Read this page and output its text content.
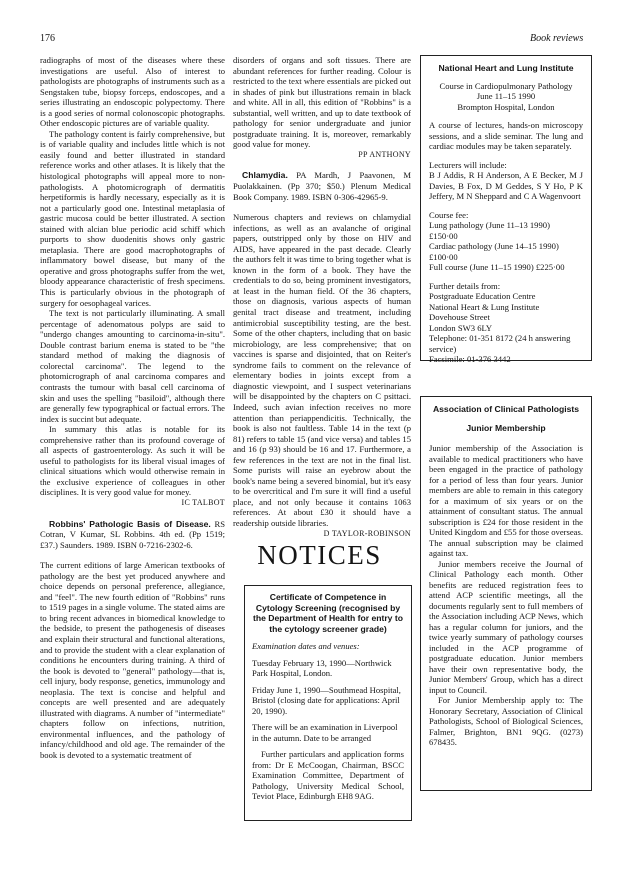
176	Book reviews

radiographs of most of the diseases where these investigations are useful. Also of interest to pathologists are photographs of instruments such as a Sengstaken tube, biopsy forceps, endoscopes, and a series illustrating an endoscopic polypectomy. There is a good series of normal colonoscopic photographs. Other endoscopic pictures are of variable quality.

The pathology content is fairly comprehensive, but is of variable quality and includes little which is not easily found and better illustrated in standard reference works and other atlases. It is likely that the histological photographs will appeal more to non-pathologists. A photomicrograph of dermatitis herpetiformis is hardly necessary, especially as it is not a particularly good one. Intestinal metaplasia of gastric mucosa could be better illustrated. A section stained with alcian blue periodic acid schiff which purports to show duodenitis shows only gastric metaplasia. There are good macrophotographs of inflammatory bowel disease, but many of the operative and gross photographs suffer from the wet, bloody appearance characteristic of fresh specimens. This is particularly obvious in the photograph of surgery for oesophageal varices.

The text is not particularly illuminating. A small percentage of adenomatous polyps are said to "undergo changes amounting to carcinoma-in-situ". Double contrast barium enema is stated to be "the standard method of making the diagnosis of colorectal carcinoma". The legend to the photomicrograph of anal carcinoma compares and contrasts the tumour with basal cell carcinoma of skin and uses the spelling "basiloid", although there are generally few typographical or factual errors. The index is succint but adequate.

In summary this atlas is notable for its comprehensive rather than its profound coverage of all aspects of gastroenterology. As such it will be useful to pathologists for its liberal visual images of clinical situations which would otherwise remain in the exclusive experience of colleagues in other disciplines. It is very good value for money.

IC TALBOT

Robbins' Pathologic Basis of Disease. RS Cotran, V Kumar, SL Robbins. 4th ed. (Pp 1519; £37.) Saunders. 1989. ISBN 0-7216-2302-6.

The current editions of large American textbooks of pathology are the best yet produced anywhere and choice depends on personal preference, allegiance, and "feel". The new fourth edition of "Robbins" runs to 1519 pages in a single volume. The stated aims are to bring recent advances in biomedical knowledge to the bedside, to present the pathogenesis of diseases and explain their structural and functional alterations, and to provide the student with a clear explanation of conditions he encounters during training. A third of the book is devoted to "general" pathology—that is, cell injury, body response, genetics, immunology and neoplasia. The text is concise and helpful and concepts are well presented and are adequately illustrated with diagrams. A number of "intermediate" chapters follow on infections, nutrition, environmental influences, and the pathology of infancy/childhood and old age. The remainder of the book is devoted to a systematic treatment of

disorders of organs and soft tissues. There are abundant references for further reading. Colour is restricted to the text where essentials are picked out in shades of pink but illustrations remain in black and white. All in all, this edition of "Robbins" is a substantial, well written, and up to date textbook of pathology for senior undergraduate and junior postgraduate training. It is, moreover, remarkably good value for money.

PP ANTHONY

Chlamydia. PA Mardh, J Paavonen, M Puolakkainen. (Pp 370; $50.) Plenum Medical Book Company. 1989. ISBN 0-306-42965-9.

Numerous chapters and reviews on chlamydial infections, as well as an avalanche of original papers, outstripped only by those on HIV and AIDS, have appeared in the past decade. Clearly the authors felt it was time to bring together what is known in the form of a book. They have the credentials to do so, being prominent investigators, at least in the human field. Of the 36 chapters, those on diagnosis, various aspects of human genital tract disease and treatment, including antimicrobial susceptibility testing, are the best. Some of the other chapters, including that on basic microbiology, are less comprehensive; that on vaccines is sparse and disjointed, that on Reiter's syndrome fails to comment on the relevance of elementary bodies in joints except from a diagnostic viewpoint, and I suspect veterinarians will be disappointed by the chapters on C psittaci. Indeed, such avian infection receives no more attention than periappendicitis. Technically, the book is also not faultless. Table 14 in the text (p 81) refers to table 15 (and vice versa) and tables 15 and 16 (p 93) should be 16 and 17. Furthermore, a few references in the text are not in the final list. Some purists will raise an eyebrow about the book's name being a severed binomial, but it's easy to be overcritical and I'm sure it will find a useful place, and not only because it contains 1063 references. At about £30 it should have a readership outside libraries.

D TAYLOR-ROBINSON

NOTICES

Certificate of Competence in Cytology Screening (recognised by the Department of Health for entry to the cytology screener grade)

Examination dates and venues:

Tuesday February 13, 1990—Northwick Park Hospital, London.

Friday June 1, 1990—Southmead Hospital, Bristol (closing date for applications: April 20, 1990).

There will be an examination in Liverpool in the autumn. Date to be arranged

Further particulars and application forms from: Dr E McCoogan, Chairman, BSCC Examination Committee, Department of Pathology, University Medical School, Teviot Place, Edinburgh EH8 9AG.

National Heart and Lung Institute

Course in Cardiopulmonary Pathology

June 11–15 1990

Brompton Hospital, London

A course of lectures, hands-on microscopy sessions, and a slide seminar. The lung and cardiac modules may be taken separately.

Lecturers will include:

B J Addis, R H Anderson, A E Becker, M J Davies, B Fox, D M Geddes, S Y Ho, P K Jeffery, M N Sheppard and C A Wagenvoort

Course fee:

Lung pathology (June 11–13 1990)

£150·00

Cardiac pathology (June 14–15 1990)

£100·00

Full course (June 11–15 1990) £225·00

Further details from:

Postgraduate Education Centre

National Heart & Lung Institute

Dovehouse Street

London SW3 6LY

Telephone: 01-351 8172 (24 h answering service)

Facsimile: 01-376 3442

Association of Clinical Pathologists

Junior Membership

Junior membership of the Association is available to medical practitioners who have been engaged in the practice of pathology for a period of less than four years. Junior members are able to remain in this category for a maximum of six years or on the attainment of consultant status. The annual subscription is £24 for those resident in the United Kingdom and £55 for those overseas. The annual subscription may be claimed against tax.

Junior members receive the Journal of Clinical Pathology each month. Other benefits are reduced registration fees to attend ACP scientific meetings, all the documents regularly sent to full members of the Association including ACP News, which has a regular column for juniors, and the twice yearly summary of pathology courses included in the ACP programme of postgraduate education. Junior members have their own representative body, the Junior Members' Group, which has a direct input to Council.

For Junior Membership apply to: The Honorary Secretary, Association of Clinical Pathologists, School of Biological Sciences, Falmer, Brighton, BN1 9QG. (0273) 678435.
